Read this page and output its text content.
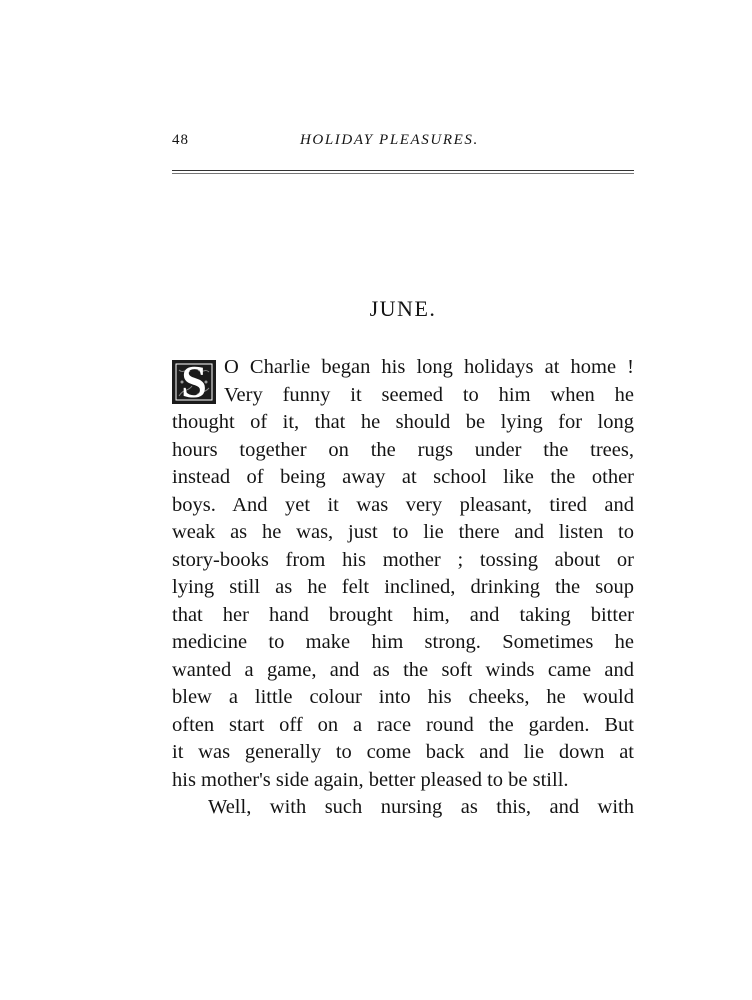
48	HOLIDAY PLEASURES.
JUNE.
S O Charlie began his long holidays at home !
Very funny it seemed to him when he
thought of it, that he should be lying for long
hours together on the rugs under the trees,
instead of being away at school like the other
boys. And yet it was very pleasant, tired and
weak as he was, just to lie there and listen to
story-books from his mother ; tossing about or
lying still as he felt inclined, drinking the soup
that her hand brought him, and taking bitter
medicine to make him strong. Sometimes he
wanted a game, and as the soft winds came and
blew a little colour into his cheeks, he would
often start off on a race round the garden. But
it was generally to come back and lie down at
his mother's side again, better pleased to be still.
Well, with such nursing as this, and with
